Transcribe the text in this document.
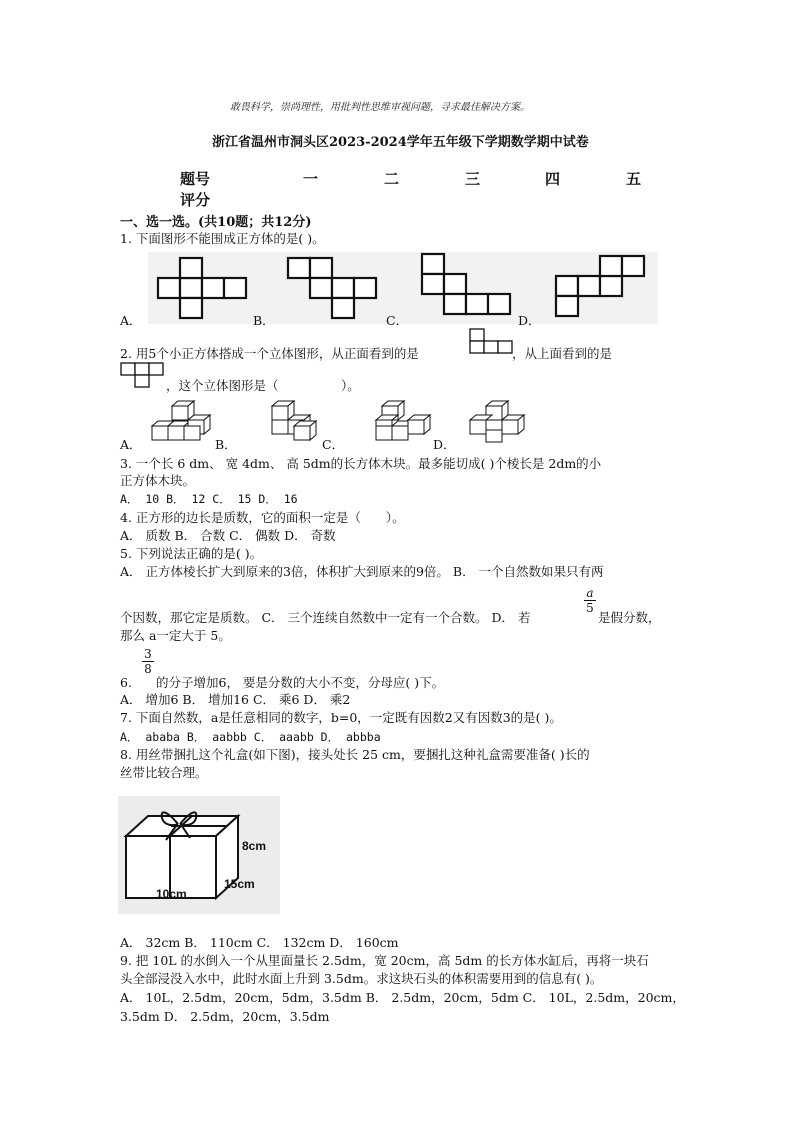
敢畏科学，崇尚理性，用批判性思维审视问题，寻求最佳解决方案。
浙江省温州市洞头区2023-2024学年五年级下学期数学期中试卷
题号	一	二	三	四	五
评分
一、选一选。(共10题；共12分)
1. 下面图形不能围成正方体的是( )。
A．	B．	C．	D．
2. 用5个小正方体搭成一个立体图形，从正面看到的是	，从上面看到的是
，这个立体图形是（　　　　　）。
A．	B．	C．	D．
3. 一个长 6 dm、 宽 4dm、 高 5dm的长方体木块。最多能切成( )个棱长是 2dm的小
正方体木块。
A． 10 B． 12 C． 15 D． 16
4. 正方形的边长是质数，它的面积一定是（　　）。
A． 质数 B． 合数 C． 偶数 D． 奇数
5. 下列说法正确的是( )。
A． 正方体棱长扩大到原来的3倍，体积扩大到原来的9倍。 B． 一个自然数如果只有两
个因数，那它定是质数。 C． 三个连续自然数中一定有一个合数。 D． 若
a
5
是假分数，
那么 a一定大于 5。
6.
3
8
的分子增加6， 要是分数的大小不变，分母应( )下。
A． 增加6 B． 增加16 C． 乘6 D． 乘2
7. 下面自然数，a是任意相同的数字，b=0，一定既有因数2又有因数3的是( )。
A． ababa B． aabbb C． aaabb D． abbba
8. 用丝带捆扎这个礼盒(如下图)，接头处长 25 cm，要捆扎这种礼盒需要准备( )长的
丝带比较合理。
8cm
15cm
10cm
A． 32cm B． 110cm C． 132cm D． 160cm
9. 把 10L 的水倒入一个从里面量长 2.5dm，宽 20cm，高 5dm 的长方体水缸后，再将一块石
头全部浸没入水中，此时水面上升到 3.5dm。求这块石头的体积需要用到的信息有( )。
A． 10L，2.5dm，20cm，5dm，3.5dm B． 2.5dm，20cm，5dm C． 10L，2.5dm，20cm，
3.5dm D． 2.5dm，20cm，3.5dm
